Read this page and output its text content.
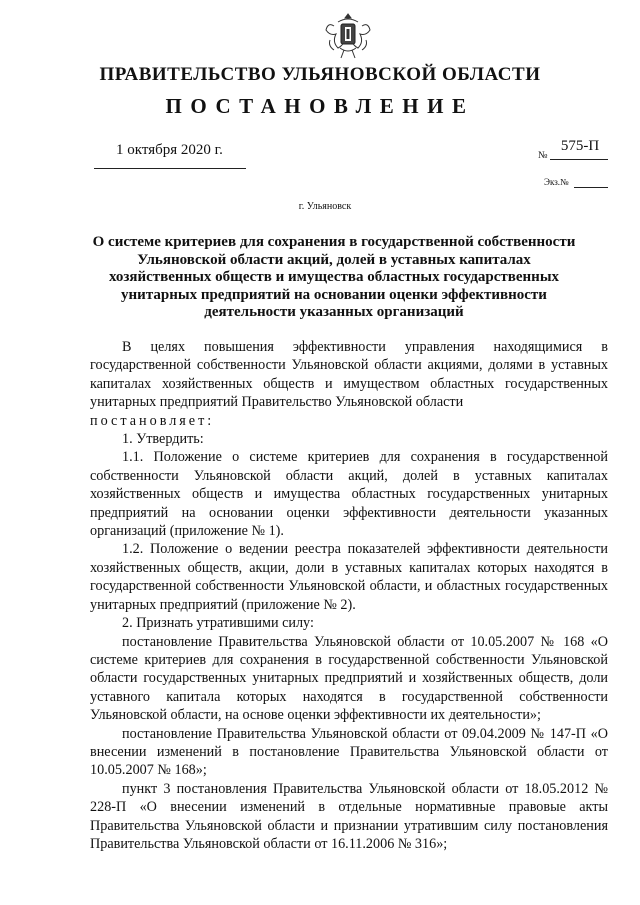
ПРАВИТЕЛЬСТВО УЛЬЯНОВСКОЙ ОБЛАСТИ
ПОСТАНОВЛЕНИЕ
1 октября 2020 г.	№
575-П
Экз.№
г. Ульяновск
О системе критериев для сохранения в государственной собственности Ульяновской области акций, долей в уставных капиталах хозяйственных обществ и имущества областных государственных унитарных предприятий на основании оценки эффективности деятельности указанных организаций

В целях повышения эффективности управления находящимися в государственной собственности Ульяновской области акциями, долями в уставных капиталах хозяйственных обществ и имуществом областных государственных унитарных предприятий Правительство Ульяновской области
постановляет:

1. Утвердить:

1.1. Положение о системе критериев для сохранения в государственной собственности Ульяновской области акций, долей в уставных капиталах хозяйственных обществ и имущества областных государственных унитарных предприятий на основании оценки эффективности деятельности указанных организаций (приложение № 1).

1.2. Положение о ведении реестра показателей эффективности деятельности хозяйственных обществ, акции, доли в уставных капиталах которых находятся в государственной собственности Ульяновской области, и областных государственных унитарных предприятий (приложение № 2).

2. Признать утратившими силу:

постановление Правительства Ульяновской области от 10.05.2007 № 168 «О системе критериев для сохранения в государственной собственности Ульяновской области государственных унитарных предприятий и хозяйственных обществ, доли уставного капитала которых находятся в государственной собственности Ульяновской области, на основе оценки эффективности их деятельности»;

постановление Правительства Ульяновской области от 09.04.2009 № 147-П «О внесении изменений в постановление Правительства Ульяновской области от 10.05.2007 № 168»;

пункт 3 постановления Правительства Ульяновской области от 18.05.2012 № 228-П «О внесении изменений в отдельные нормативные правовые акты Правительства Ульяновской области и признании утратившим силу постановления Правительства Ульяновской области от 16.11.2006 № 316»;
